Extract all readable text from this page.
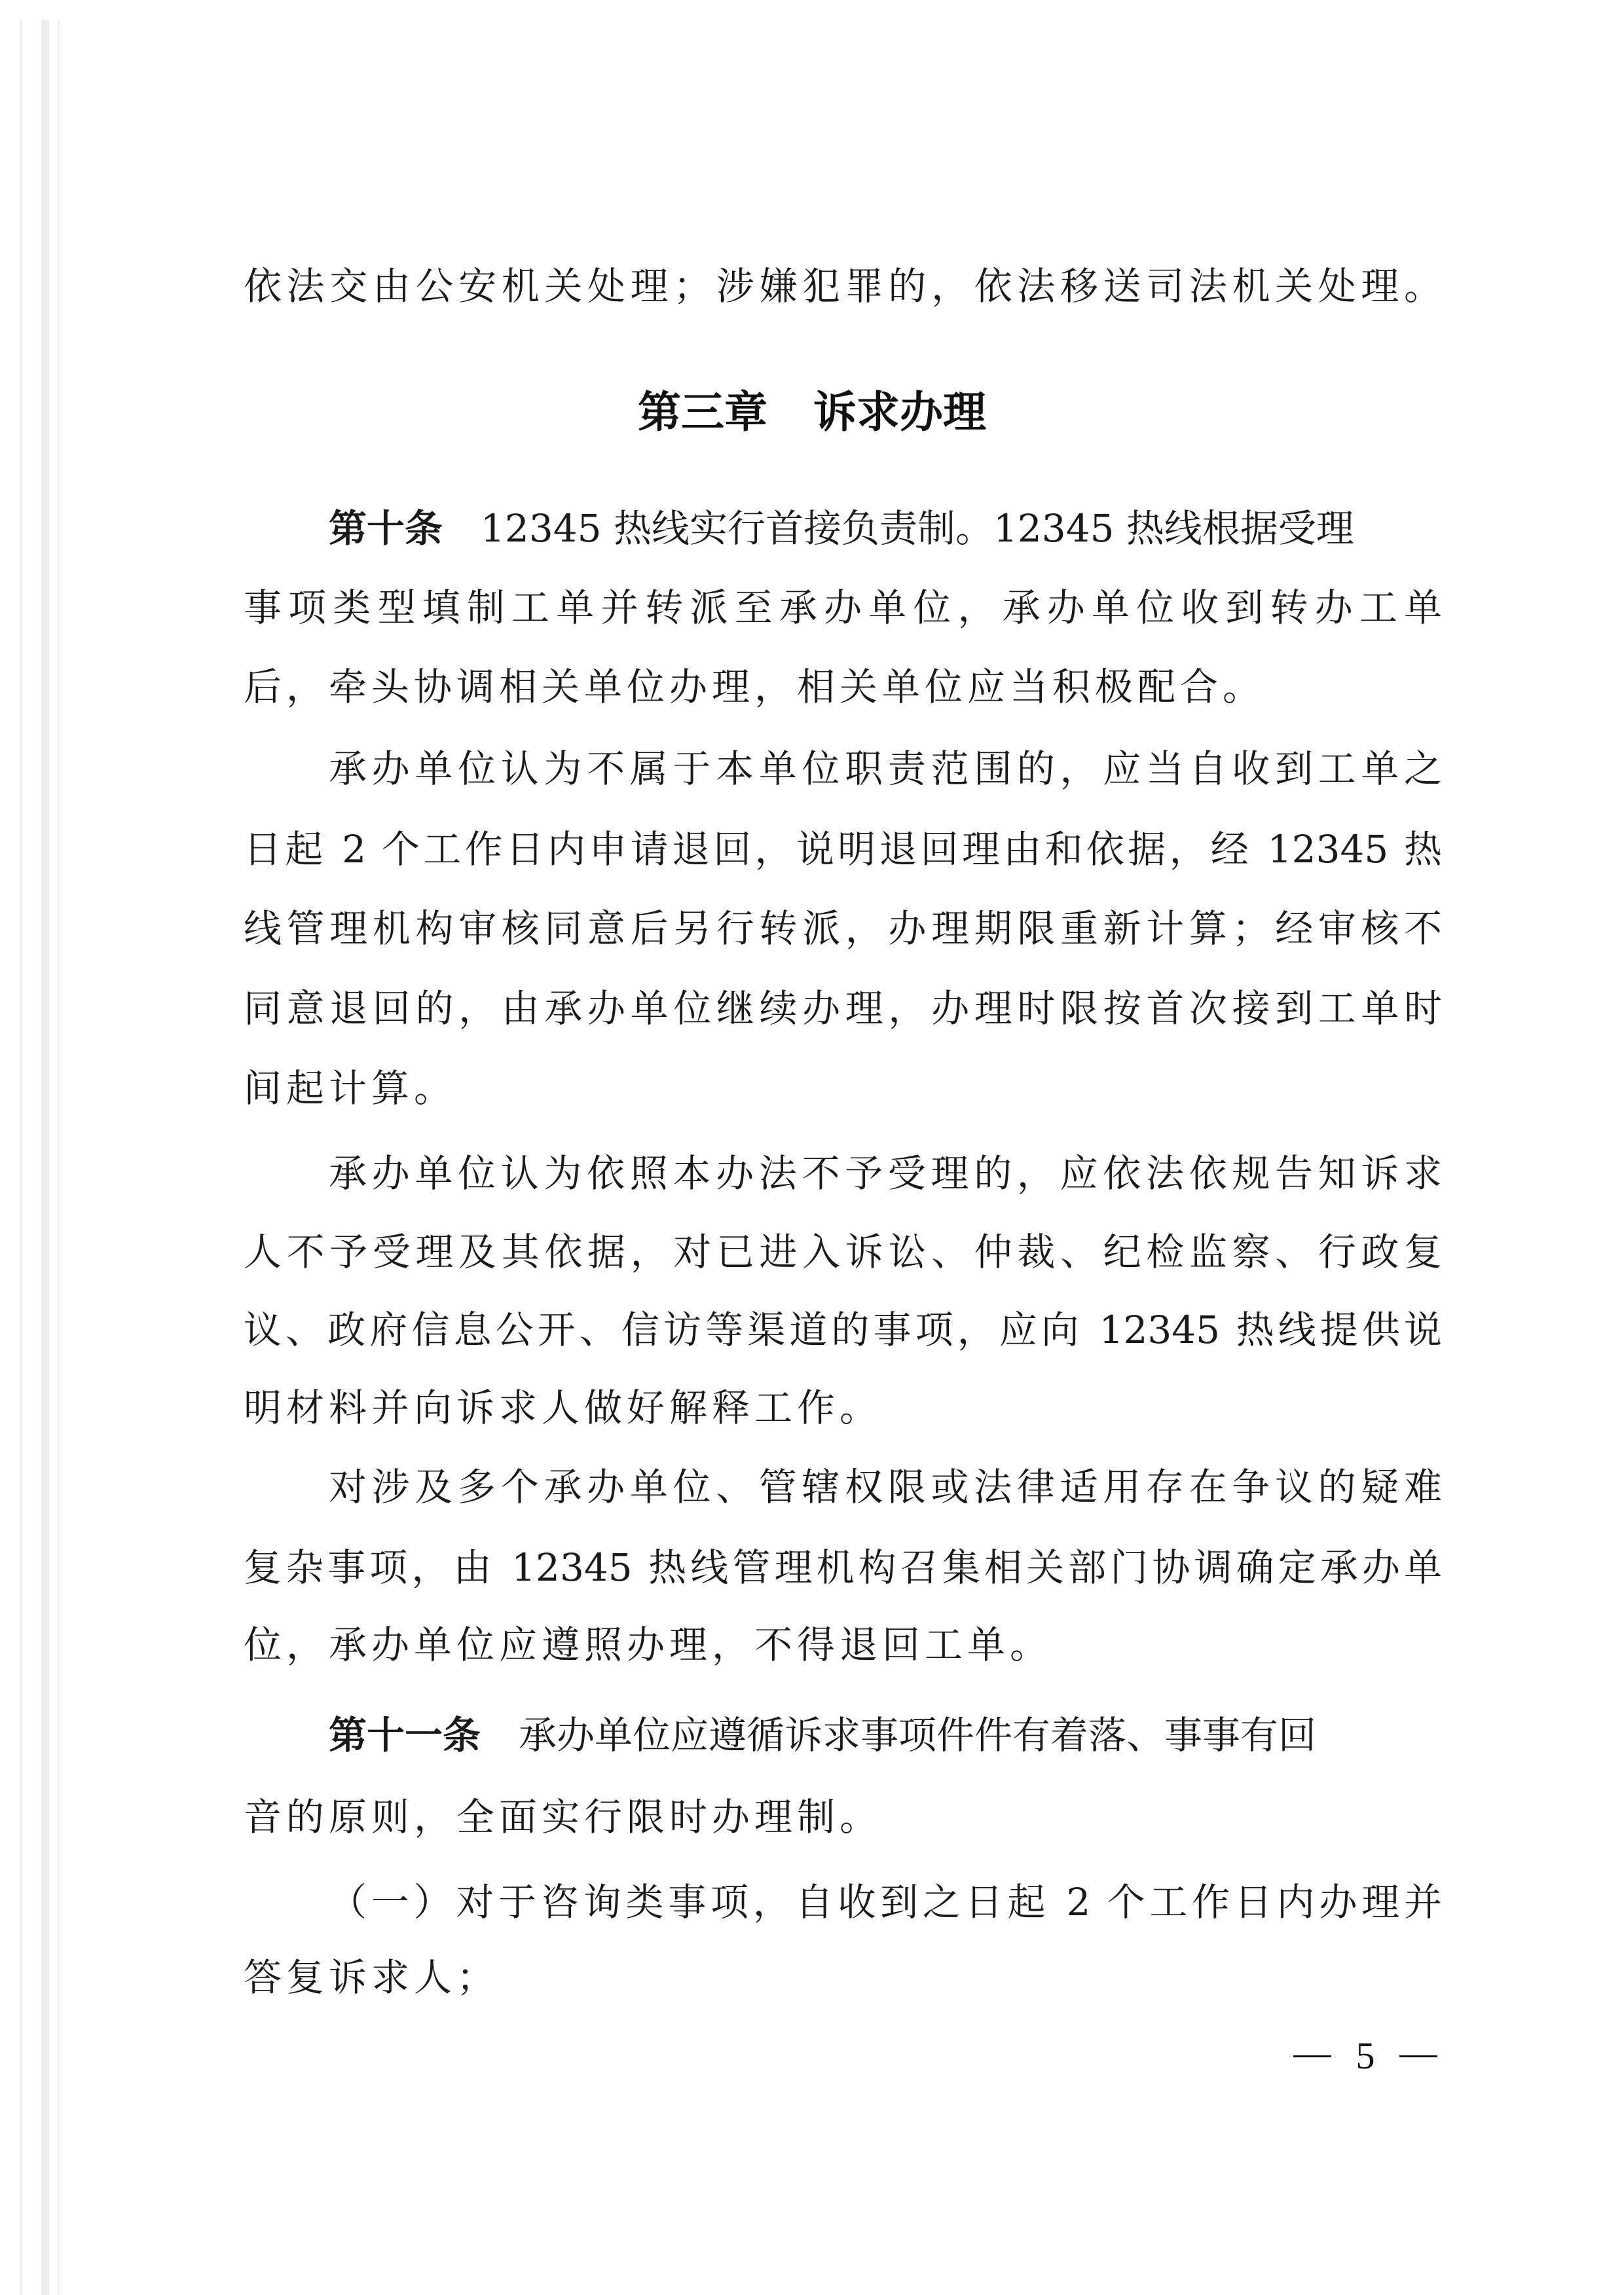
第三章 诉求办理
依法交由公安机关处理；涉嫌犯罪的，依法移送司法机关处理。
第十条　 12345 热线实行首接负责制。12345 热线根据受理
事项类型填制工单并转派至承办单位，承办单位收到转办工单
后，牵头协调相关单位办理，相关单位应当积极配合。
承办单位认为不属于本单位职责范围的，应当自收到工单之
日起 2 个工作日内申请退回，说明退回理由和依据，经 12345 热
线管理机构审核同意后另行转派，办理期限重新计算；经审核不
同意退回的，由承办单位继续办理，办理时限按首次接到工单时
间起计算。
承办单位认为依照本办法不予受理的，应依法依规告知诉求
人不予受理及其依据，对已进入诉讼、仲裁、纪检监察、行政复
议、政府信息公开、信访等渠道的事项，应向 12345 热线提供说
明材料并向诉求人做好解释工作。
对涉及多个承办单位、管辖权限或法律适用存在争议的疑难
复杂事项，由 12345 热线管理机构召集相关部门协调确定承办单
位，承办单位应遵照办理，不得退回工单。
第十一条　 承办单位应遵循诉求事项件件有着落、事事有回
音的原则，全面实行限时办理制。
（一）对于咨询类事项，自收到之日起 2 个工作日内办理并
答复诉求人；
5
